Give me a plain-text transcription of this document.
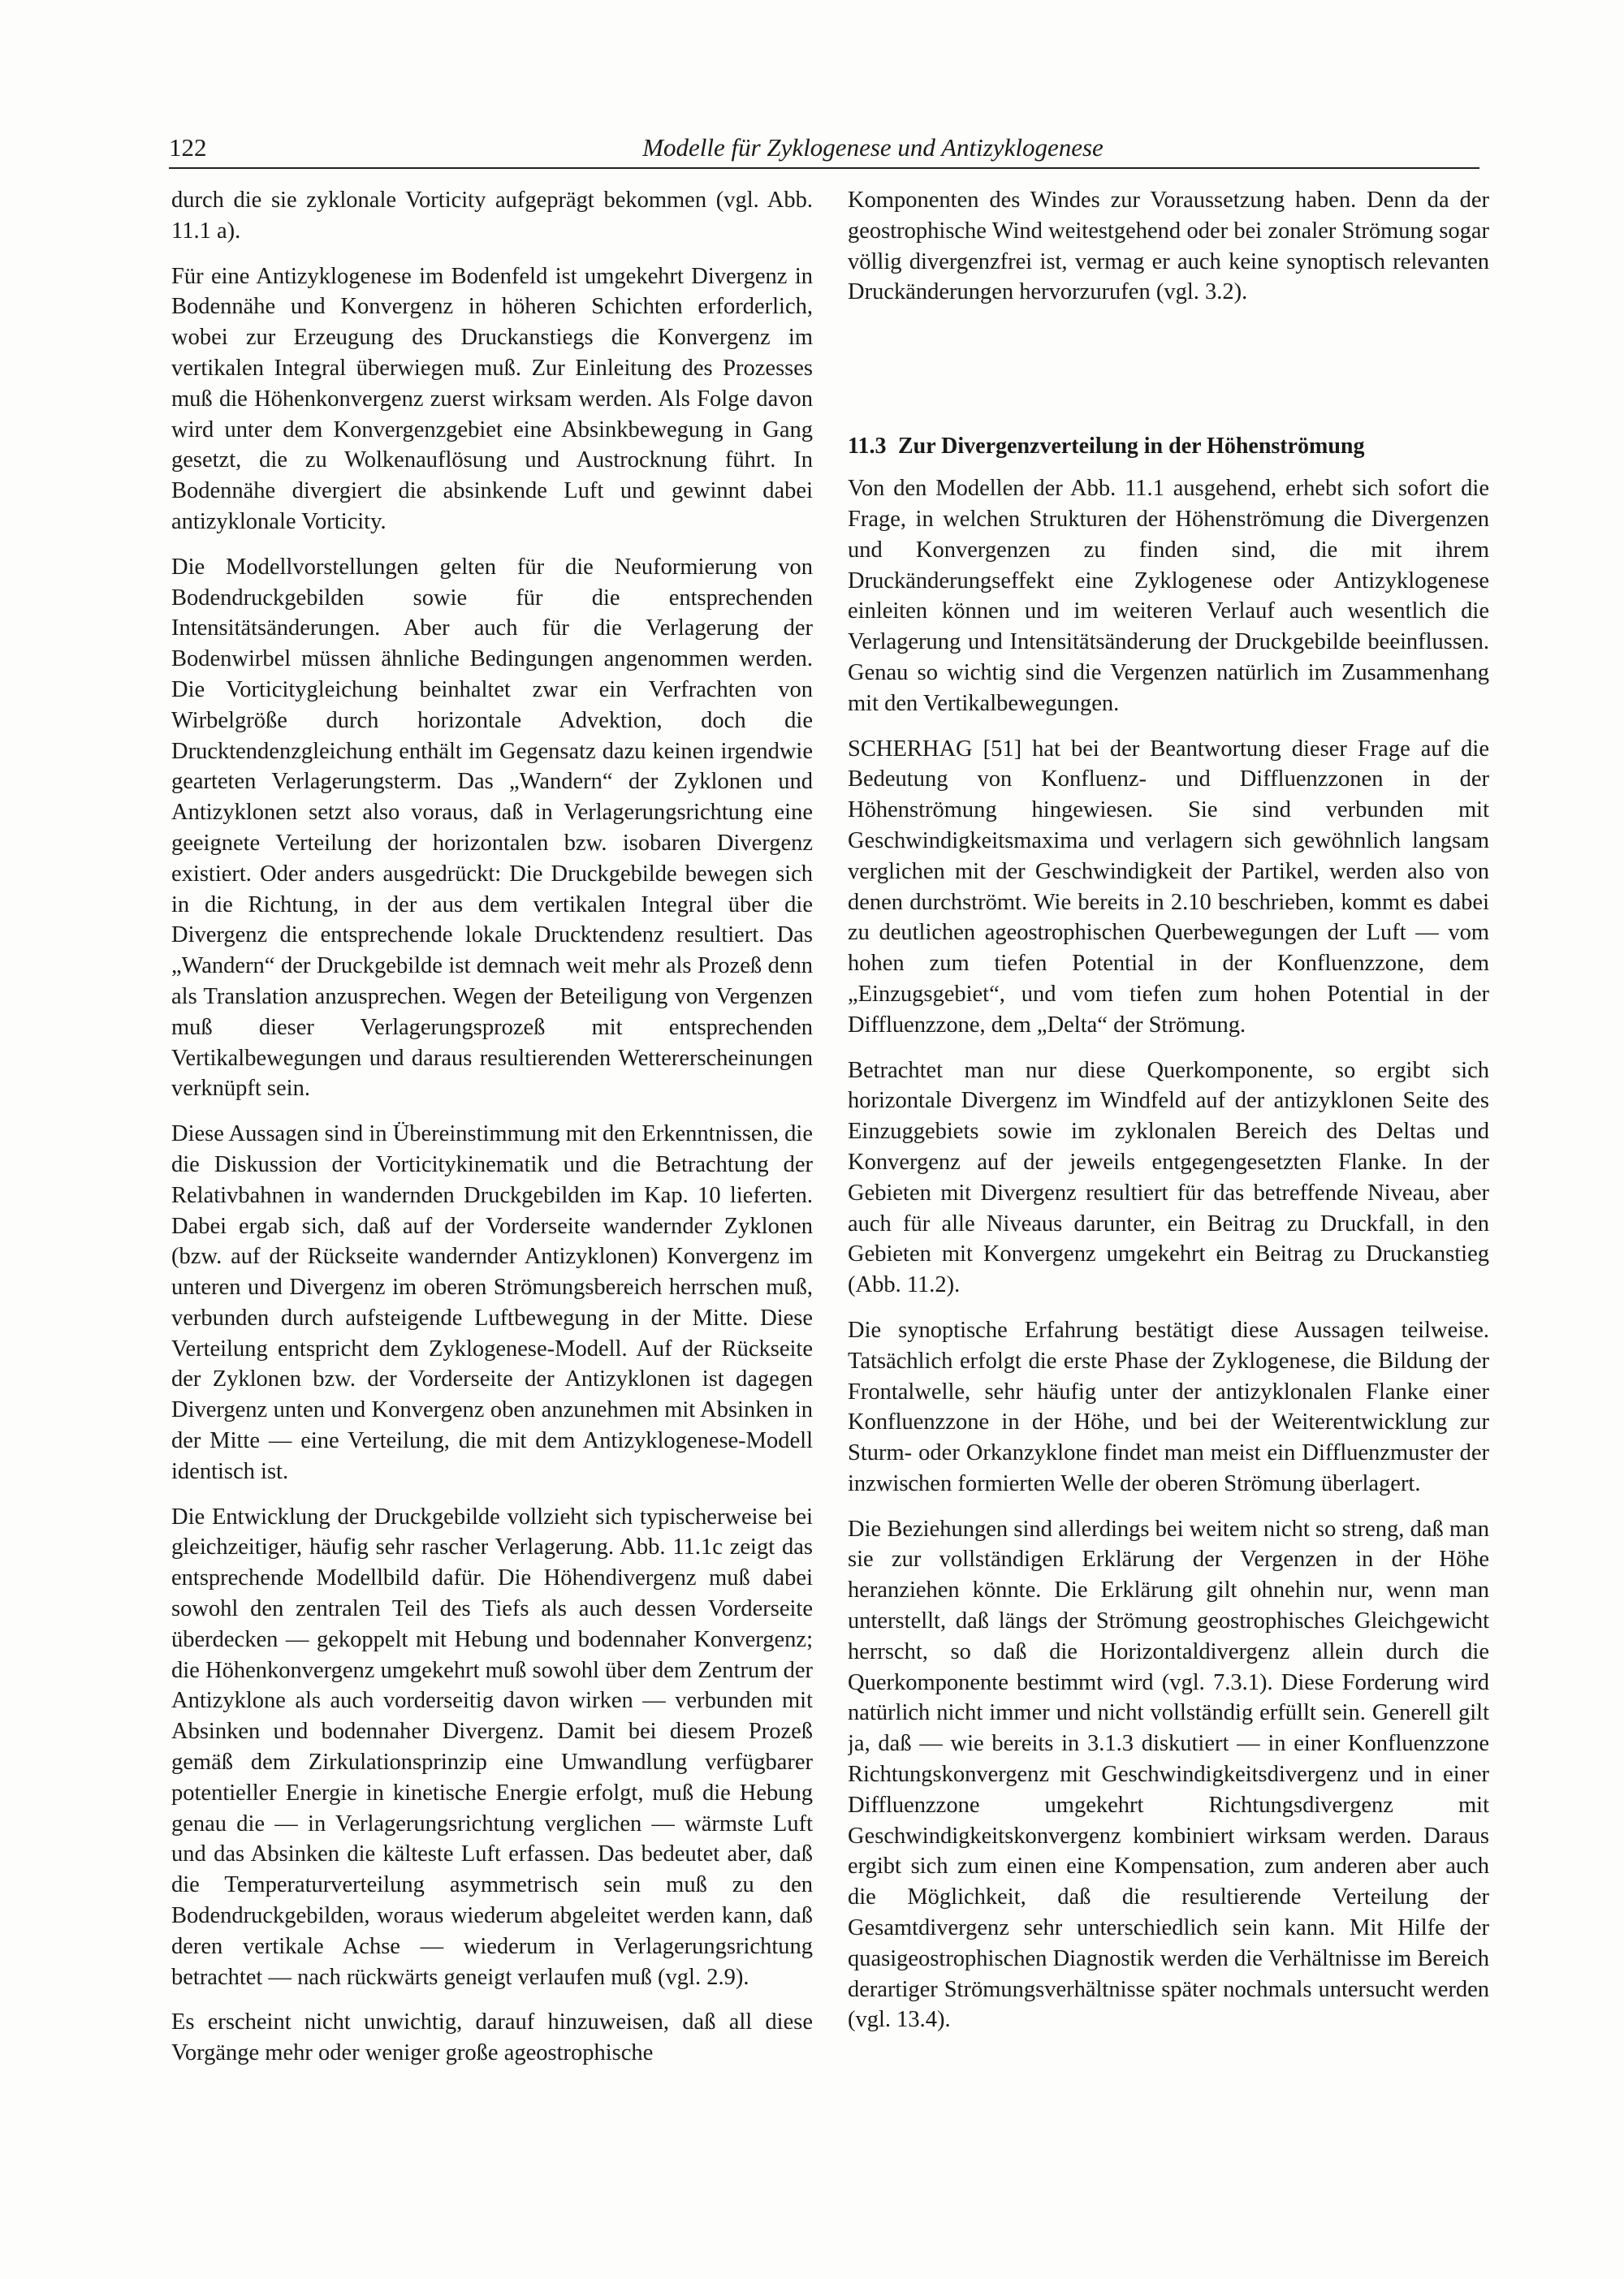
122	Modelle für Zyklogenese und Antizyklogenese

durch die sie zyklonale Vorticity aufgeprägt bekommen (vgl. Abb. 11.1 a).

Für eine Antizyklogenese im Bodenfeld ist umgekehrt Divergenz in Bodennähe und Konvergenz in höheren Schichten erforderlich, wobei zur Erzeugung des Druckanstiegs die Konvergenz im vertikalen Integral überwiegen muß. Zur Einleitung des Prozesses muß die Höhenkonvergenz zuerst wirksam werden. Als Folge davon wird unter dem Konvergenzgebiet eine Absinkbewegung in Gang gesetzt, die zu Wolkenauflösung und Austrocknung führt. In Bodennähe divergiert die absinkende Luft und gewinnt dabei antizyklonale Vorticity.

Die Modellvorstellungen gelten für die Neuformierung von Bodendruckgebilden sowie für die entsprechenden Intensitätsänderungen. Aber auch für die Verlagerung der Bodenwirbel müssen ähnliche Bedingungen angenommen werden. Die Vorticitygleichung beinhaltet zwar ein Verfrachten von Wirbelgröße durch horizontale Advektion, doch die Drucktendenzgleichung enthält im Gegensatz dazu keinen irgendwie gearteten Verlagerungsterm. Das „Wandern“ der Zyklonen und Antizyklonen setzt also voraus, daß in Verlagerungsrichtung eine geeignete Verteilung der horizontalen bzw. isobaren Divergenz existiert. Oder anders ausgedrückt: Die Druckgebilde bewegen sich in die Richtung, in der aus dem vertikalen Integral über die Divergenz die entsprechende lokale Drucktendenz resultiert. Das „Wandern“ der Druckgebilde ist demnach weit mehr als Prozeß denn als Translation anzusprechen. Wegen der Beteiligung von Vergenzen muß dieser Verlagerungsprozeß mit entsprechenden Vertikalbewegungen und daraus resultierenden Wettererscheinungen verknüpft sein.

Diese Aussagen sind in Übereinstimmung mit den Erkenntnissen, die die Diskussion der Vorticitykinematik und die Betrachtung der Relativbahnen in wandernden Druckgebilden im Kap. 10 lieferten. Dabei ergab sich, daß auf der Vorderseite wandernder Zyklonen (bzw. auf der Rückseite wandernder Antizyklonen) Konvergenz im unteren und Divergenz im oberen Strömungsbereich herrschen muß, verbunden durch aufsteigende Luftbewegung in der Mitte. Diese Verteilung entspricht dem Zyklogenese-Modell. Auf der Rückseite der Zyklonen bzw. der Vorderseite der Antizyklonen ist dagegen Divergenz unten und Konvergenz oben anzunehmen mit Absinken in der Mitte — eine Verteilung, die mit dem Antizyklogenese-Modell identisch ist.

Die Entwicklung der Druckgebilde vollzieht sich typischerweise bei gleichzeitiger, häufig sehr rascher Verlagerung. Abb. 11.1c zeigt das entsprechende Modellbild dafür. Die Höhendivergenz muß dabei sowohl den zentralen Teil des Tiefs als auch dessen Vorderseite überdecken — gekoppelt mit Hebung und bodennaher Konvergenz; die Höhenkonvergenz umgekehrt muß sowohl über dem Zentrum der Antizyklone als auch vorderseitig davon wirken — verbunden mit Absinken und bodennaher Divergenz. Damit bei diesem Prozeß gemäß dem Zirkulationsprinzip eine Umwandlung verfügbarer potentieller Energie in kinetische Energie erfolgt, muß die Hebung genau die — in Verlagerungsrichtung verglichen — wärmste Luft und das Absinken die kälteste Luft erfassen. Das bedeutet aber, daß die Temperaturverteilung asymmetrisch sein muß zu den Bodendruckgebilden, woraus wiederum abgeleitet werden kann, daß deren vertikale Achse — wiederum in Verlagerungsrichtung betrachtet — nach rückwärts geneigt verlaufen muß (vgl. 2.9).

Es erscheint nicht unwichtig, darauf hinzuweisen, daß all diese Vorgänge mehr oder weniger große ageostrophische

Komponenten des Windes zur Voraussetzung haben. Denn da der geostrophische Wind weitestgehend oder bei zonaler Strömung sogar völlig divergenzfrei ist, vermag er auch keine synoptisch relevanten Druckänderungen hervorzurufen (vgl. 3.2).

11.3 Zur Divergenzverteilung in der Höhenströmung

Von den Modellen der Abb. 11.1 ausgehend, erhebt sich sofort die Frage, in welchen Strukturen der Höhenströmung die Divergenzen und Konvergenzen zu finden sind, die mit ihrem Druckänderungseffekt eine Zyklogenese oder Antizyklogenese einleiten können und im weiteren Verlauf auch wesentlich die Verlagerung und Intensitätsänderung der Druckgebilde beeinflussen. Genau so wichtig sind die Vergenzen natürlich im Zusammenhang mit den Vertikalbewegungen.

SCHERHAG [51] hat bei der Beantwortung dieser Frage auf die Bedeutung von Konfluenz- und Diffluenzzonen in der Höhenströmung hingewiesen. Sie sind verbunden mit Geschwindigkeitsmaxima und verlagern sich gewöhnlich langsam verglichen mit der Geschwindigkeit der Partikel, werden also von denen durchströmt. Wie bereits in 2.10 beschrieben, kommt es dabei zu deutlichen ageostrophischen Querbewegungen der Luft — vom hohen zum tiefen Potential in der Konfluenzzone, dem „Einzugsgebiet“, und vom tiefen zum hohen Potential in der Diffluenzzone, dem „Delta“ der Strömung.

Betrachtet man nur diese Querkomponente, so ergibt sich horizontale Divergenz im Windfeld auf der antizyklonen Seite des Einzuggebiets sowie im zyklonalen Bereich des Deltas und Konvergenz auf der jeweils entgegengesetzten Flanke. In der Gebieten mit Divergenz resultiert für das betreffende Niveau, aber auch für alle Niveaus darunter, ein Beitrag zu Druckfall, in den Gebieten mit Konvergenz umgekehrt ein Beitrag zu Druckanstieg (Abb. 11.2).

Die synoptische Erfahrung bestätigt diese Aussagen teilweise. Tatsächlich erfolgt die erste Phase der Zyklogenese, die Bildung der Frontalwelle, sehr häufig unter der antizyklonalen Flanke einer Konfluenzzone in der Höhe, und bei der Weiterentwicklung zur Sturm- oder Orkanzyklone findet man meist ein Diffluenzmuster der inzwischen formierten Welle der oberen Strömung überlagert.

Die Beziehungen sind allerdings bei weitem nicht so streng, daß man sie zur vollständigen Erklärung der Vergenzen in der Höhe heranziehen könnte. Die Erklärung gilt ohnehin nur, wenn man unterstellt, daß längs der Strömung geostrophisches Gleichgewicht herrscht, so daß die Horizontaldivergenz allein durch die Querkomponente bestimmt wird (vgl. 7.3.1). Diese Forderung wird natürlich nicht immer und nicht vollständig erfüllt sein. Generell gilt ja, daß — wie bereits in 3.1.3 diskutiert — in einer Konfluenzzone Richtungskonvergenz mit Geschwindigkeitsdivergenz und in einer Diffluenzzone umgekehrt Richtungsdivergenz mit Geschwindigkeitskonvergenz kombiniert wirksam werden. Daraus ergibt sich zum einen eine Kompensation, zum anderen aber auch die Möglichkeit, daß die resultierende Verteilung der Gesamtdivergenz sehr unterschiedlich sein kann. Mit Hilfe der quasigeostrophischen Diagnostik werden die Verhältnisse im Bereich derartiger Strömungsverhältnisse später nochmals untersucht werden (vgl. 13.4).
